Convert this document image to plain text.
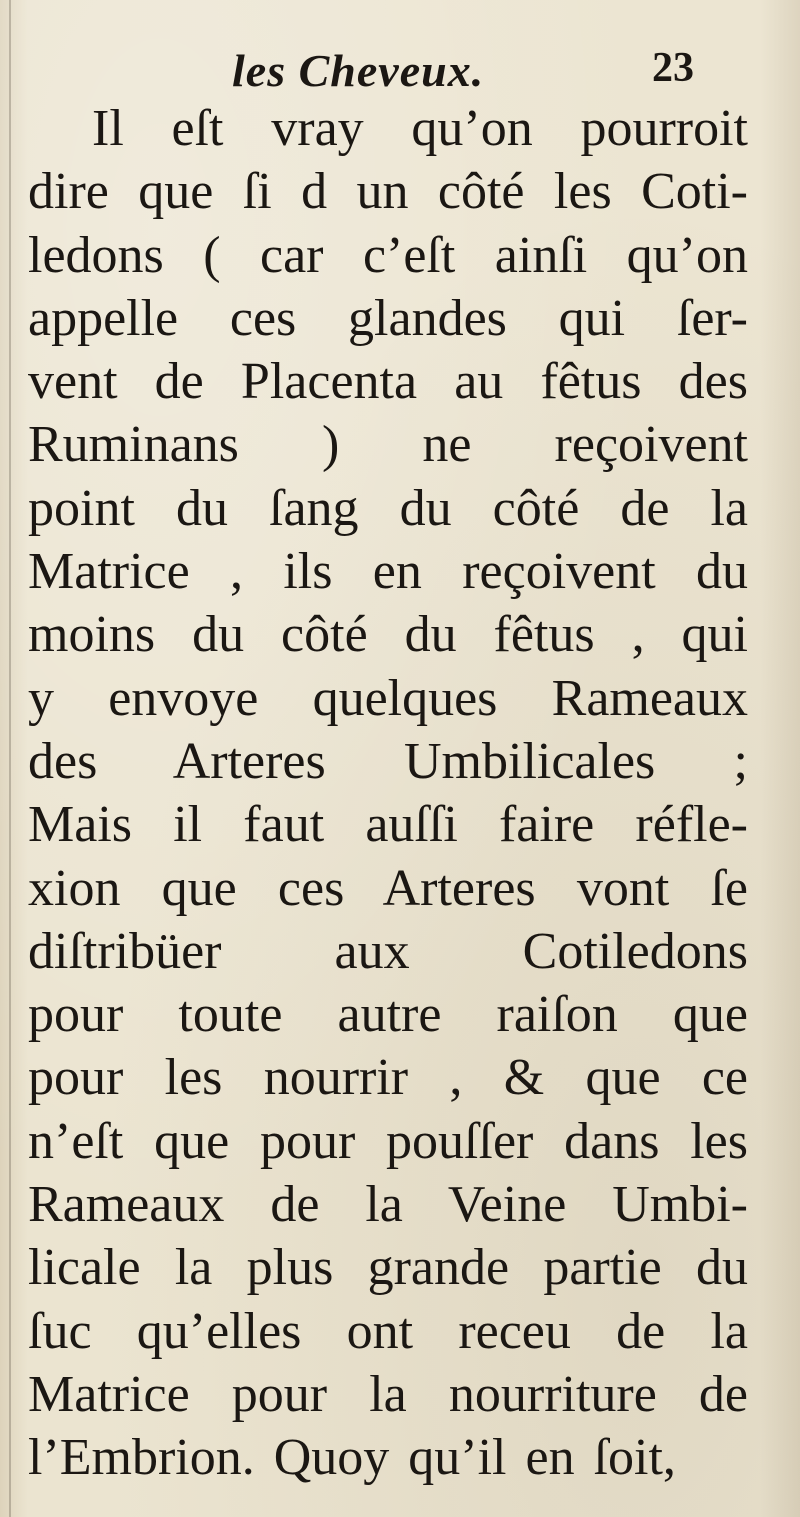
les Cheveux.	23
Il eſt vray qu’on pourroit
dire que ſi d un côté les Coti-
ledons ( car c’eſt ainſi qu’on
appelle ces glandes qui ſer-
vent de Placenta au fêtus des
Ruminans ) ne reçoivent
point du ſang du côté de la
Matrice , ils en reçoivent du
moins du côté du fêtus , qui
y envoye quelques Rameaux
des Arteres Umbilicales ;
Mais il faut auſſi faire réfle-
xion que ces Arteres vont ſe
diſtribüer aux Cotiledons
pour toute autre raiſon que
pour les nourrir , & que ce
n’eſt que pour pouſſer dans les
Rameaux de la Veine Umbi-
licale la plus grande partie du
ſuc qu’elles ont receu de la
Matrice pour la nourriture de
l’Embrion. Quoy qu’il en ſoit,
